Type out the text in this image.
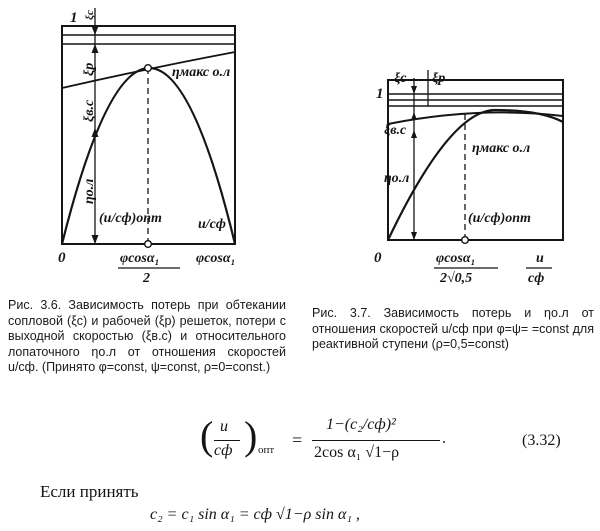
1 ξc
ξp
ξв.с
ηмакс о.л
ηо.л
(u/cф)опт	u/cф
0	φcosα₁
2
φcosα₁
ξс ξр
1
ξв.с
ηмакс о.л
ηо.л
(u/cф)опт
0	φcosα₁
2√0,5
u
cф

Рис. 3.6. Зависимость потерь при обтекании сопловой (ξс) и рабочей (ξр) решеток, потери с выходной скоростью (ξв.с) и относительного лопаточного ηо.л от отношения скоростей u/cф. (Принято φ=const, ψ=const, ρ=0=const.)

Рис. 3.7. Зависимость потерь и ηо.л от отношения скоростей u/cф при φ=ψ= =const для реактивной ступени (ρ=0,5=const)

( u
cф ) опт =
1−(c₂/cф)²
2cos α₁ √1−ρ
.	(3.32)
Если принять
c₂ = c₁ sin α₁ = cф √1−ρ sin α₁ ,
